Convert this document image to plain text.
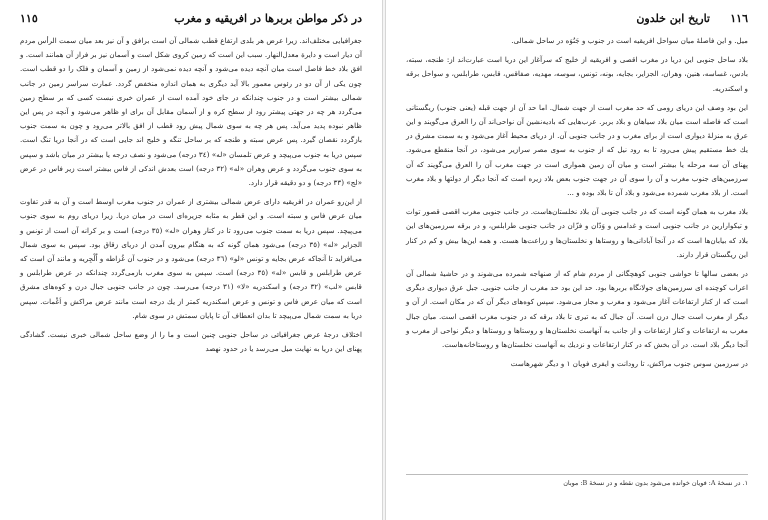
١١٥	در ذكر مواطن بربرها در افريقيه و مغرب

جغرافيايى مختلف‌اند. زيرا عرض هر بلدى ارتفاع قطب شمالى آن است برافق و آن نيز بعد ميان سمت الرأس مردم آن ديار است و دايرة معدل‌النهار. سبب اين است كه زمين كروى شكل است و آسمان نيز بر فراز آن همانند است. و افق بلاد خط فاصل است ميان آنچه ديده مى‌شود و آنچه ديده نمى‌شود از زمين و آسمان و فلک را دو قطب است. چون يكى از آن دو در رئوس معمور بالا آيد ديگرى به همان اندازه منخفض گردد. عمارت سراسر زمين در جانب شمالى بيشتر است و در جنوب چندانكه در جاى خود آمده است از عمران خبرى نيست كسى كه بر سطح زمين مى‌گردد هر چه در جهتى پيشتر رود از سطح كره و از آسمان مقابل آن براى او ظاهر مى‌شود و آنچه در پس اين ظاهر نبوده پديد مى‌آيد. پس هر چه به سوى شمال پيش رود قطب از افق بالاتر مى‌رود و چون به سمت جنوب بازگردد نقصان گيرد. پس عرض سبته و طنجه كه بر ساحل تنگه و خليج اند جايى است كه در آنجا دريا تنگ است. سپس دريا به جنوب مى‌پيچد و عرض تلمسان «له» (٣٤ درجه) مى‌شود و نصف درجه يا بيشتر در ميان باشد و سپس به سوى جنوب مى‌گردد و عرض وهران «له» (٣٢ درجه) است بعدش اندكى از فاس بيشتر است زير فاس در عرض «لج» (٣٣ درجه) و دو دقيقه قرار دارد.

از اين‌رو عمران در افريقيه داراى عرض شمالى بيشترى از عمران در جنوب مغرب اوسط است و آن به قدر تفاوت ميان عرض فاس و سبته است. و اين قطر به مثابه جزيره‌اى است در ميان دريا. زيرا درياى روم به سوى جنوب مى‌پيچد. سپس دريا به سمت جنوب مى‌رود تا در كنار وهران «له» (٣٥ درجه) است و بر كرانه آن است از تونس و الجزاير «له» (٣٥ درجه) مى‌شود همان گونه كه به هنگام بيرون آمدن از درياى زقاق بود. سپس به سوى شمال مى‌افزايد تا آنجاكه عرض بجايه و تونس «لو» (٣٦ درجه) مى‌شود و در جنوب آن غُزاطه و اُلْجِريه و مانند آن است كه عرض طرابلس و قابس «له» (٣٥ درجه) است. سپس به سوى مغرب بازمى‌گردد چندانكه در عرض طرابلس و قابس «لب» (٣٢ درجه) و اسكندريه «لا» (٣١ درجه) مى‌رسد. چون در جانب جنوبى جبال درن و كوه‌هاى مشرق است كه ميان عرض فاس و تونس و عرض اسكندريه كمتر از يك درجه است مانند عرض مراكش و اَغْمات. سپس دريا به سمت شمال مى‌پيچد تا بدان انعطاف آن تا پايان سمتش در سوى شام.

اختلاف درجهٔ عرض جغرافيائى در ساحل جنوبى چنين است و ما را از وضع ساحل شمالى خبرى نيست. گشادگى پهناى اين دريا به نهايت ميل مى‌رسد يا در حدود نهصد

١١٦
تاريخ ابن خلدون

ميل. و اين فاصلهٔ ميان سواحل افريقيه است در جنوب و جَنُوَه در ساحل شمالى.

بلاد ساحل جنوبى اين دريا در مغرب اقصى و افريقيه از خليج كه سرآغاز اين دريا است عبارت‌اند از: طنجه، سبته، بادس، غساسه، هنين، وهران، الجزاير، بجايه، بونه، تونس، سوسه، مهديه، صفاقس، قابس، طرابلس، و سواحل برقه و اسكندريه.

اين بود وصف اين درياى رومى كه حد مغرب است از جهت شمال. اما حد آن از جهت قبله (يعنى جنوب) ريگستانى است كه فاصله است ميان بلاد سياهان و بلاد بربر. عرب‌هايى كه باديه‌نشين آن نواحى‌اند آن را العرق مى‌گويند و اين عرق به منزلهٔ ديوارى است از براى مغرب و در جانب جنوبى آن. از درياى محيط آغاز مى‌شود و به سمت مشرق در يك خط مستقيم پيش مى‌رود تا به رود نيل كه از جنوب به سوى مصر سرازير مى‌شود، در آنجا منقطع مى‌شود. پهناى آن سه مرحله يا بيشتر است و ميان آن زمين هموارى است در جهت مغرب آن را العرق مى‌گويند كه آن سرزمين‌هاى جنوب مغرب و آن را سوى آن در جهت جنوب بعض بلاد زيره است كه آنجا ديگر از دولتها و بلاد مغرب است. از بلاد مغرب شمرده مى‌شود و بلاد آن تا بلاد بوده و ...

بلاد مغرب به همان گونه است كه در جانب جنوبى آن بلاد نخلستان‌هاست. در جانب جنوبى مغرب اقصى قصور توات و تيكوارارين در جانب جنوبى است و غدامس و وَدّان و فزّان در جانب جنوبى طرابلس، و در برقه سرزمين‌هاى اين بلاد كه بيابان‌ها است كه در آنجا آبادانى‌ها و روستاها و نخلستان‌ها و زراعت‌ها هست. و همه اين‌ها بيش و كم در كنار اين ريگستان قرار دارند.

در بعضى سالها تا حواشى جنوبى كوهچگانى از مردم شام كه از صنهاجه شمرده مى‌شوند و در حاشيهٔ شمالى آن اعراب كوچنده اى سرزمين‌هاى جولانگاه بربرها بود. حد اين بود حد مغرب از جانب جنوبى. جبل عرق ديوارى ديگرى است كه از كنار ارتفاعات آغاز مى‌شود و مغرب و مجاز مى‌شود. سپس كوه‌هاى ديگر آن كه در مكان است. از آن و ديگر از مغرب است جبال درن است. آن جبال كه به تيرى تا بلاد برقه كه در جنوب مغرب اقصى است. ميان جبال مغرب به ارتفاعات و كنار ارتفاعات و از جانب به آنهاست نخلستان‌ها و روستاها و روستاها و ديگر نواحى از مغرب و آنجا ديگر بلاد است. در آن بخش كه در كنار ارتفاعات و نزديك به آنهاست نخلستان‌ها و روستاخانه‌هاست.

در سرزمين سوس جنوب مراكش، تا رودانت و ايفرى فويان ١ و ديگر شهرهاست

١. در نسخهٔ A: فويان خوانده مى‌شود بدون نقطه و در نسخهٔ B: موبان
